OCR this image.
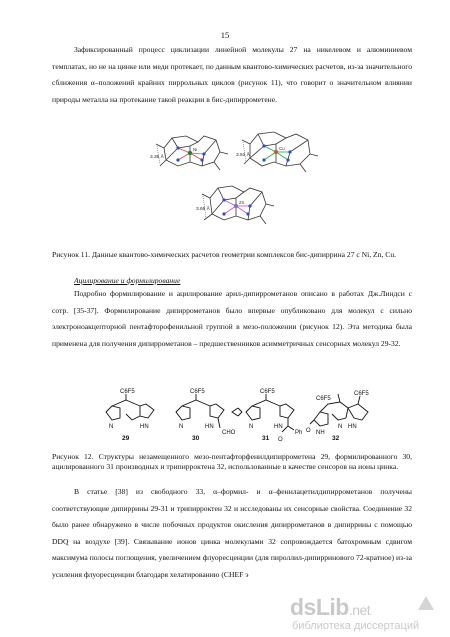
15

Зафиксированный процесс циклизации линейной молекулы 27 на никелевом и алюминиевом темплатах, но не на цинке или меди протекает, по данным квантово-химических расчетов, из-за значительного сближения α–положений крайних пиррольных циклов (рисунок 11), что говорит о значительном влиянии природы металла на протекание такой реакции в бис-дипиррометене.

Ni
3.35 Å
Cu
3.51 Å
Zn
3.65 Å

Рисунок 11. Данные квантово-химических расчетов геометрии комплексов бис-дипиррина 27 с Ni, Zn, Cu.

Ацилирование и формилирование

Подробно формилирование и ацилирование арил-дипиррометанов описано в работах Дж.Линдси с сотр. [35-37]. Формилирование дипиррометанов было впервые опубликовано для молекул с сильно электроноакцепторной пентафторофенильной группой в мезо-положении (рисунок 12). Эта методика была применена для получения дипиррометанов – предшественников асимметричных сенсорных молекул 29-32.

C6F5	C6F5	C6F5
C6F5
C6F5
N	HN	N	HN	N	HN
NH
N HN
CHO	Ph O
O
29	30	31	32

Рисунок 12. Структуры незамещенного мезо-пентафторфенилдипиррометена 29, формилированного 30, ацилированного 31 производных и трипирроктена 32, использованные в качестве сенсоров на ионы цинка.

В статье [38] из свободного 33, α–формил- и α–фенилацетилдипиррометанов получены соответствующие дипиррины 29-31 и трипирроктен 32 и исследованы их сенсорные свойства. Соединение 32 было ранее обнаружено в числе побочных продуктов окисления дипиррометанов в дипиррины с помощью DDQ на воздухе [39]. Связывание ионов цинка молекулами 32 сопровождается батохромным сдвигом максимума полосы поглощения, увеличением флуоресценции (для пироллил-дипирринового 72-кратное) из-за усиления флуоресценции благодаря хелатированию (CHEF э

dsLib.net
библиотека диссертаций
